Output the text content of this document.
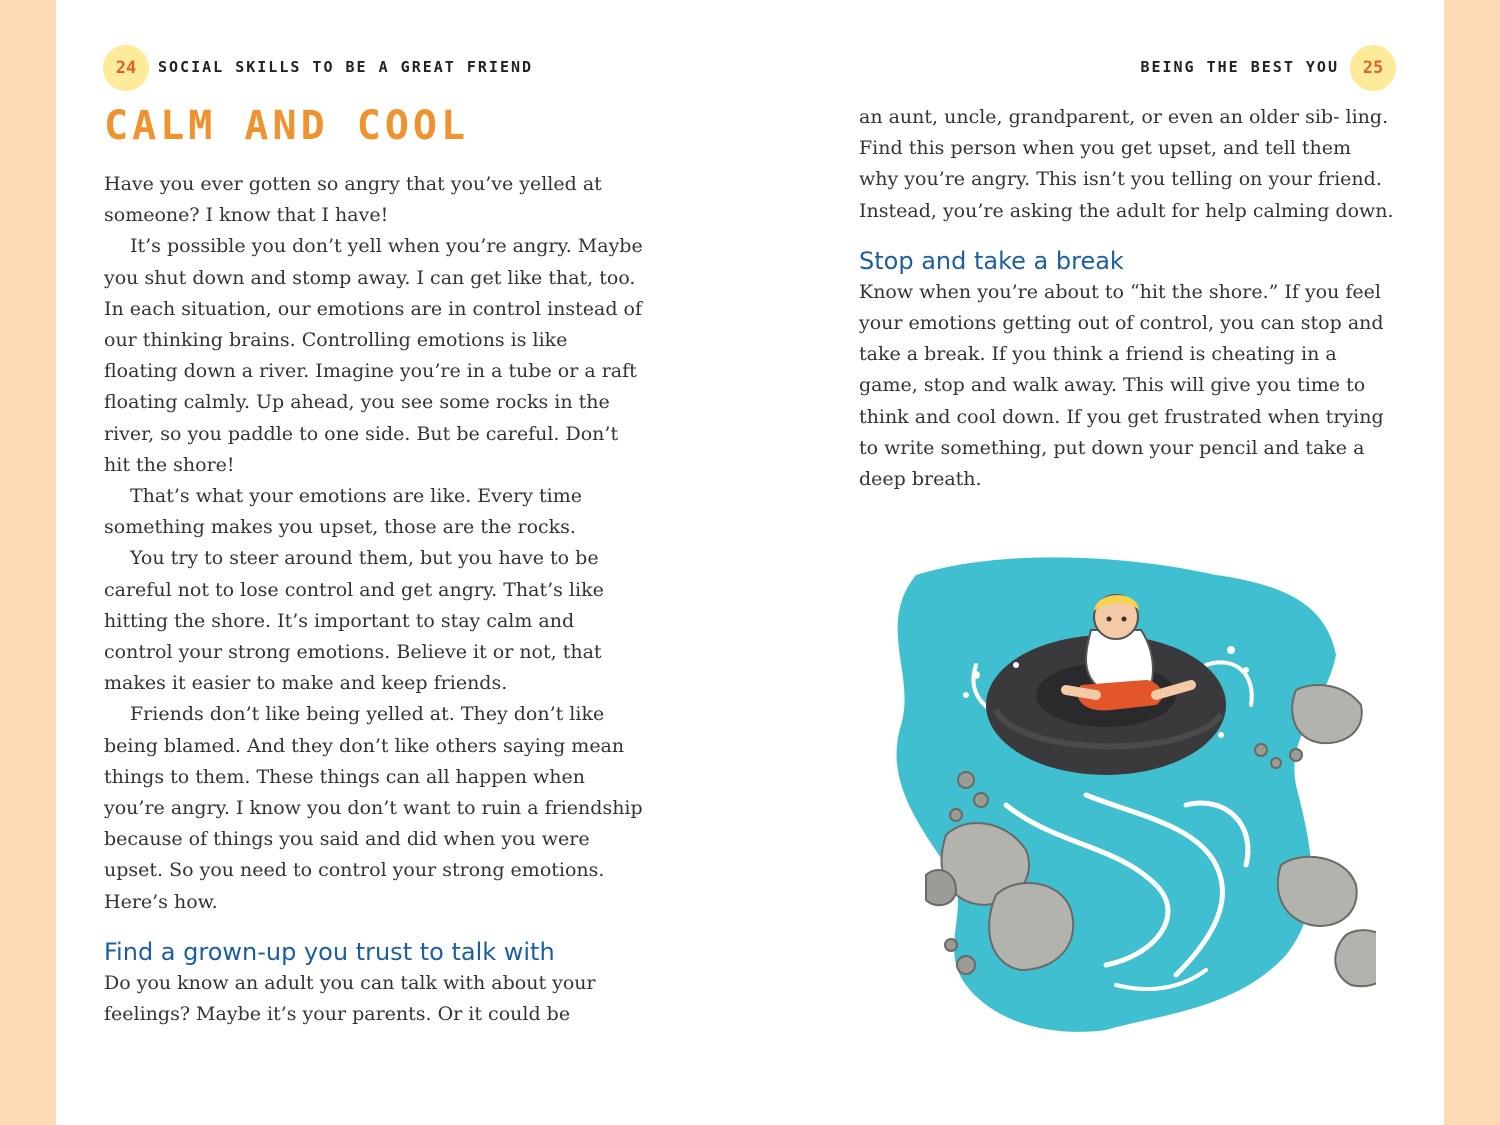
24	SOCIAL SKILLS TO BE A GREAT FRIEND	BEING THE BEST YOU	25
CALM AND COOL

Have you ever gotten so angry that you’ve yelled at someone? I know that I have!

It’s possible you don’t yell when you’re angry. Maybe you shut down and stomp away. I can get like that, too. In each situation, our emotions are in control instead of our thinking brains. Controlling emotions is like floating down a river. Imagine you’re in a tube or a raft floating calmly. Up ahead, you see some rocks in the river, so you paddle to one side. But be careful. Don’t hit the shore!

That’s what your emotions are like. Every time something makes you upset, those are the rocks.

You try to steer around them, but you have to be careful not to lose control and get angry. That’s like hitting the shore. It’s important to stay calm and control your strong emotions. Believe it or not, that makes it easier to make and keep friends.

Friends don’t like being yelled at. They don’t like being blamed. And they don’t like others saying mean things to them. These things can all happen when you’re angry. I know you don’t want to ruin a friendship because of things you said and did when you were upset. So you need to control your strong emotions. Here’s how.

Find a grown-up you trust to talk with

Do you know an adult you can talk with about your feelings? Maybe it’s your parents. Or it could be

an aunt, uncle, grandparent, or even an older sib- ling. Find this person when you get upset, and tell them why you’re angry. This isn’t you telling on your friend. Instead, you’re asking the adult for help calming down.

Stop and take a break

Know when you’re about to “hit the shore.” If you feel your emotions getting out of control, you can stop and take a break. If you think a friend is cheating in a game, stop and walk away. This will give you time to think and cool down. If you get frustrated when trying to write something, put down your pencil and take a deep breath.
